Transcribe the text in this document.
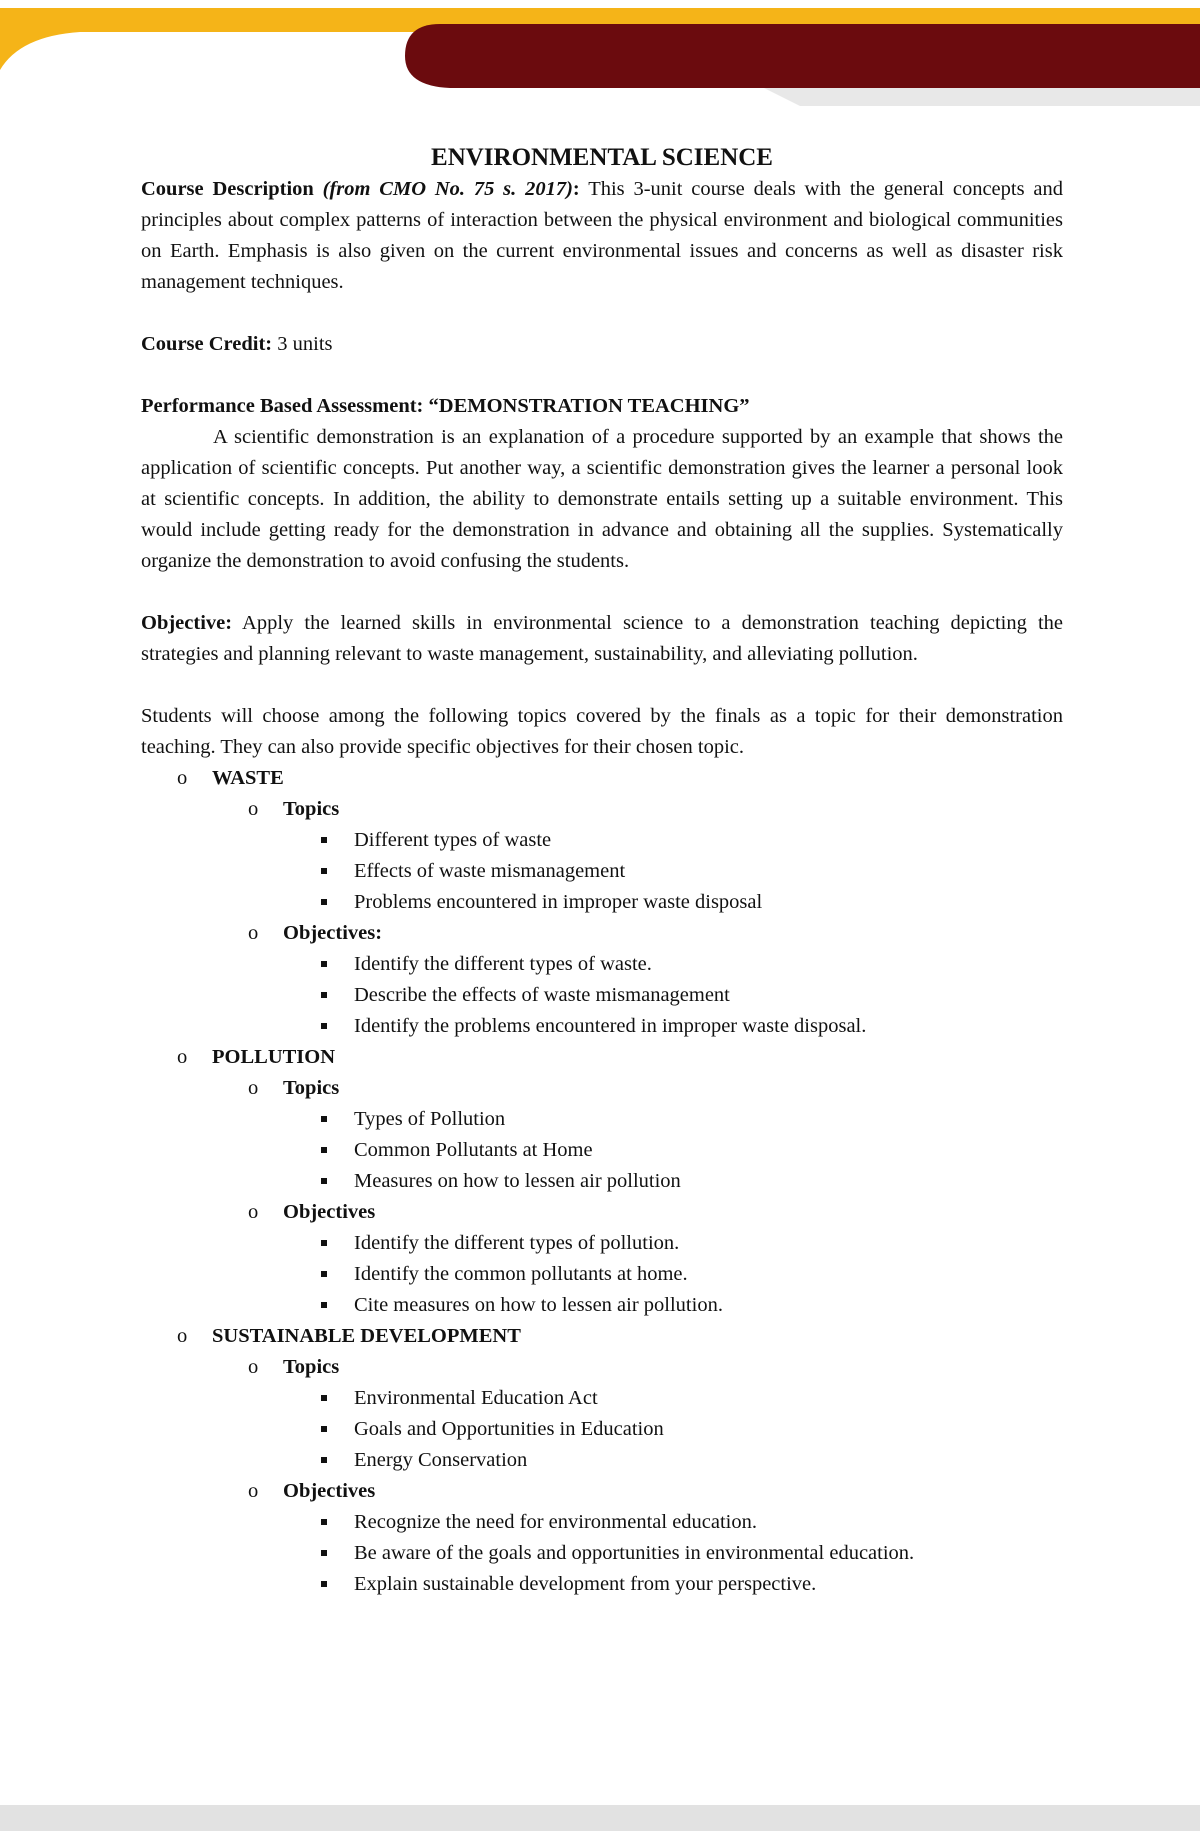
ENVIRONMENTAL SCIENCE

Course Description (from CMO No. 75 s. 2017): This 3-unit course deals with the general concepts and principles about complex patterns of interaction between the physical environment and biological communities on Earth. Emphasis is also given on the current environmental issues and concerns as well as disaster risk management techniques.

Course Credit: 3 units

Performance Based Assessment: “DEMONSTRATION TEACHING”

A scientific demonstration is an explanation of a procedure supported by an example that shows the application of scientific concepts. Put another way, a scientific demonstration gives the learner a personal look at scientific concepts. In addition, the ability to demonstrate entails setting up a suitable environment. This would include getting ready for the demonstration in advance and obtaining all the supplies. Systematically organize the demonstration to avoid confusing the students.

Objective: Apply the learned skills in environmental science to a demonstration teaching depicting the strategies and planning relevant to waste management, sustainability, and alleviating pollution.

Students will choose among the following topics covered by the finals as a topic for their demonstration teaching. They can also provide specific objectives for their chosen topic.

o WASTE
o Topics
Different types of waste
Effects of waste mismanagement
Problems encountered in improper waste disposal
o Objectives:
Identify the different types of waste.
Describe the effects of waste mismanagement
Identify the problems encountered in improper waste disposal.
o POLLUTION
o Topics
Types of Pollution
Common Pollutants at Home
Measures on how to lessen air pollution
o Objectives
Identify the different types of pollution.
Identify the common pollutants at home.
Cite measures on how to lessen air pollution.
o SUSTAINABLE DEVELOPMENT
o Topics
Environmental Education Act
Goals and Opportunities in Education
Energy Conservation
o Objectives
Recognize the need for environmental education.
Be aware of the goals and opportunities in environmental education.
Explain sustainable development from your perspective.
